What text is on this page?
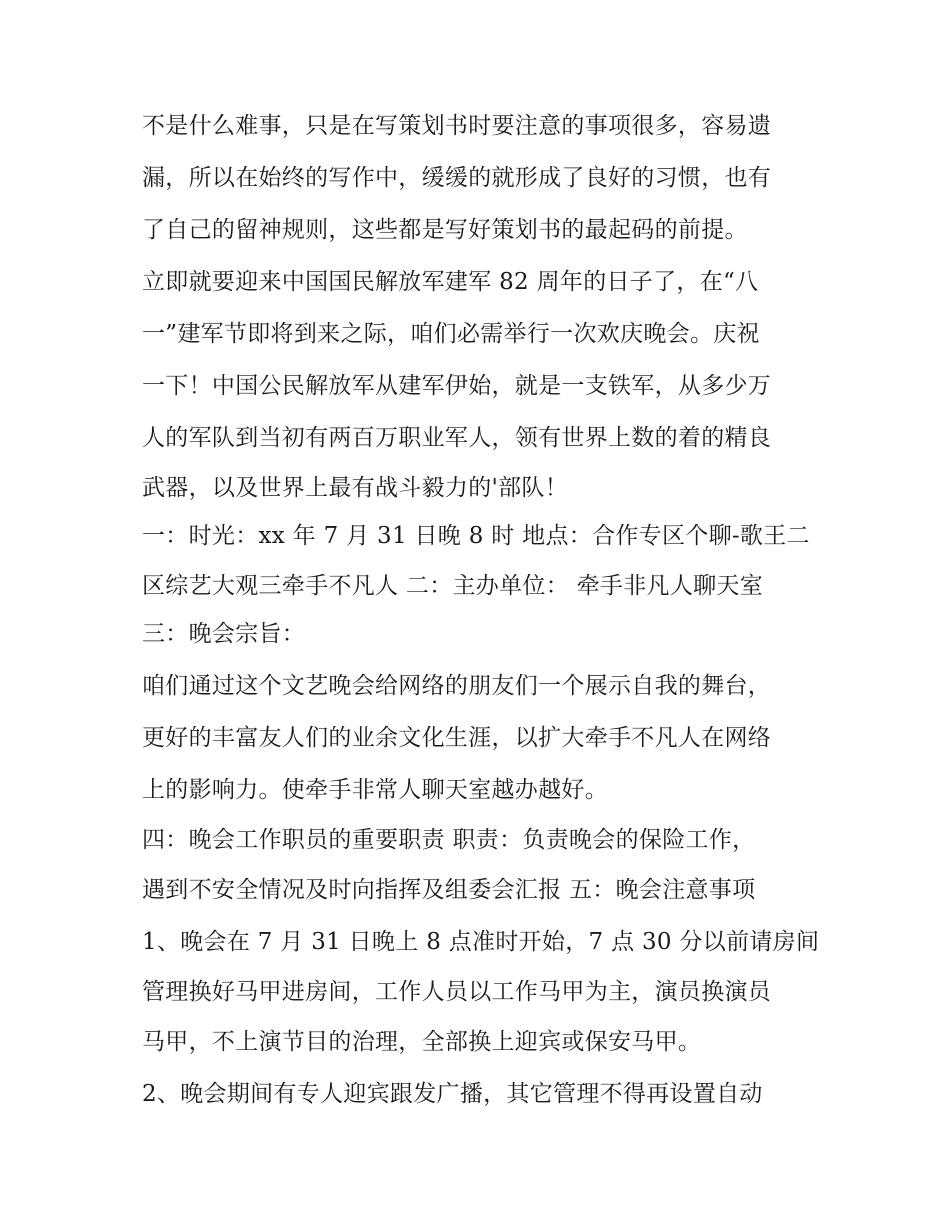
不是什么难事，只是在写策划书时要注意的事项很多，容易遗
漏，所以在始终的写作中，缓缓的就形成了良好的习惯，也有
了自己的留神规则，这些都是写好策划书的最起码的前提。
立即就要迎来中国国民解放军建军 82 周年的日子了，在“八
一”建军节即将到来之际，咱们必需举行一次欢庆晚会。庆祝
一下！中国公民解放军从建军伊始，就是一支铁军，从多少万
人的军队到当初有两百万职业军人，领有世界上数的着的精良
武器，以及世界上最有战斗毅力的'部队！
一：时光：xx 年 7 月 31 日晚 8 时 地点：合作专区个聊-歌王二
区综艺大观三牵手不凡人 二：主办单位： 牵手非凡人聊天室
三：晚会宗旨：
咱们通过这个文艺晚会给网络的朋友们一个展示自我的舞台，
更好的丰富友人们的业余文化生涯，以扩大牵手不凡人在网络
上的影响力。使牵手非常人聊天室越办越好。
四：晚会工作职员的重要职责 职责：负责晚会的保险工作，
遇到不安全情况及时向指挥及组委会汇报 五：晚会注意事项
1、晚会在 7 月 31 日晚上 8 点准时开始，7 点 30 分以前请房间
管理换好马甲进房间，工作人员以工作马甲为主，演员换演员
马甲，不上演节目的治理，全部换上迎宾或保安马甲。
2、晚会期间有专人迎宾跟发广播，其它管理不得再设置自动
